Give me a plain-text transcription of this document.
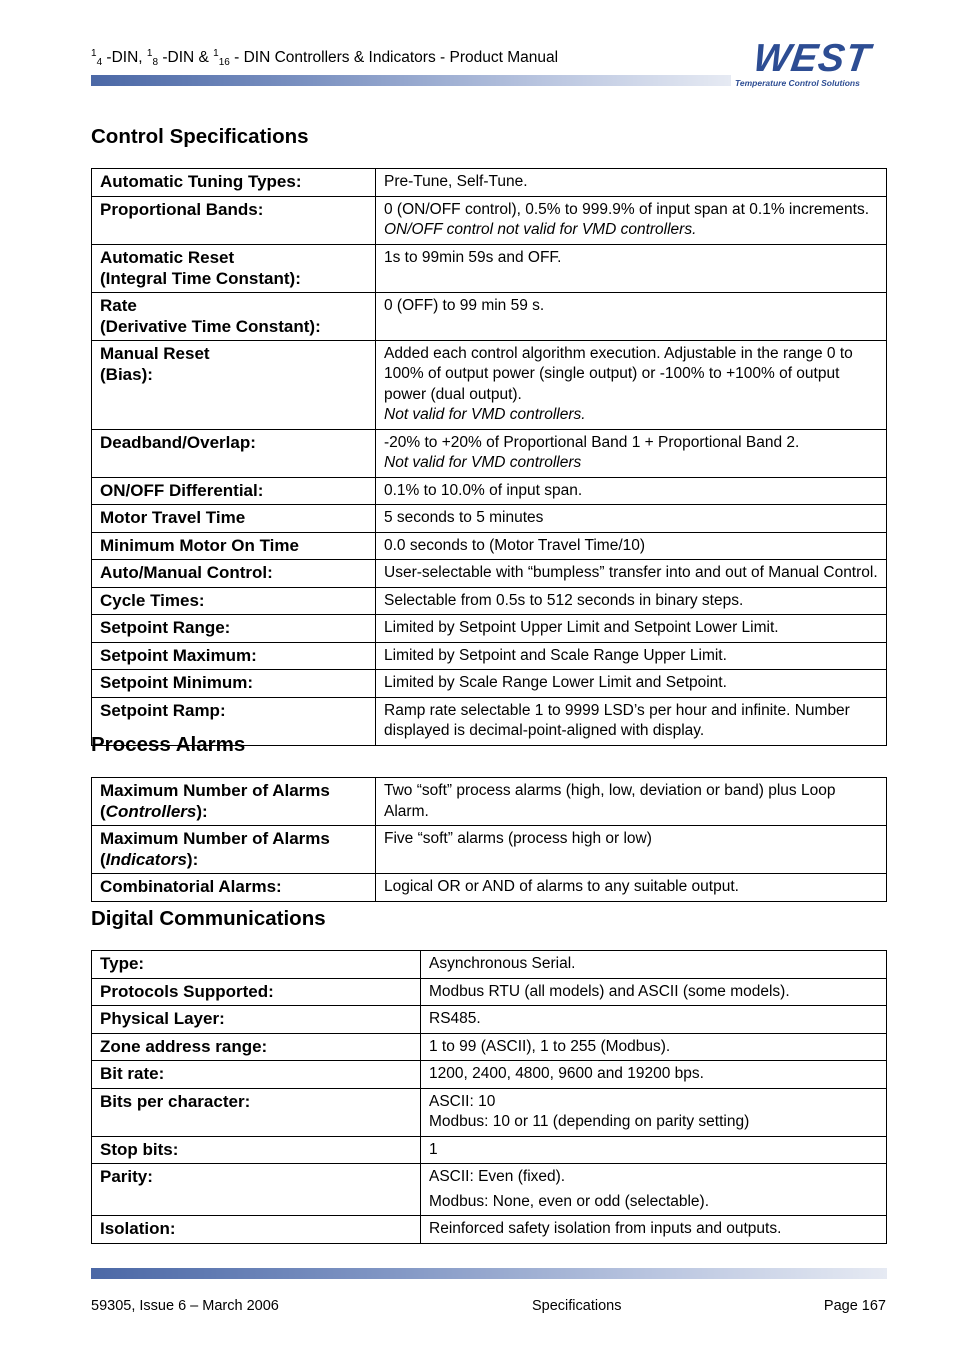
$^1_4$ -DIN, $^1_8$ -DIN & $^1_{16}$ - DIN Controllers & Indicators - Product Manual	WEST
Temperature Control Solutions
Control Specifications
Automatic Tuning Types:	Pre-Tune, Self-Tune.

Proportional Bands:	0 (ON/OFF control), 0.5% to 999.9% of input span at 0.1% increments. ON/OFF control not valid for VMD controllers.

Automatic Reset
(Integral Time Constant):	1s to 99min 59s and OFF.

Rate
(Derivative Time Constant):	0 (OFF) to 99 min 59 s.

Manual Reset
(Bias):	Added each control algorithm execution. Adjustable in the range 0 to 100% of output power (single output) or -100% to +100% of output power (dual output).
Not valid for VMD controllers.

Deadband/Overlap:	-20% to +20% of Proportional Band 1 + Proportional Band 2.
Not valid for VMD controllers

ON/OFF Differential:	0.1% to 10.0% of input span.

Motor Travel Time	5 seconds to 5 minutes

Minimum Motor On Time	0.0 seconds to (Motor Travel Time/10)

Auto/Manual Control:	User-selectable with “bumpless” transfer into and out of Manual Control.

Cycle Times:	Selectable from 0.5s to 512 seconds in binary steps.

Setpoint Range:	Limited by Setpoint Upper Limit and Setpoint Lower Limit.

Setpoint Maximum:	Limited by Setpoint and Scale Range Upper Limit.

Setpoint Minimum:	Limited by Scale Range Lower Limit and Setpoint.

Setpoint Ramp:	Ramp rate selectable 1 to 9999 LSD’s per hour and infinite. Number displayed is decimal-point-aligned with display.
Process Alarms
Maximum Number of Alarms
(Controllers):	Two “soft” process alarms (high, low, deviation or band) plus Loop Alarm.

Maximum Number of Alarms
(Indicators):	Five “soft” alarms (process high or low)

Combinatorial Alarms:	Logical OR or AND of alarms to any suitable output.
Digital Communications
Type:	Asynchronous Serial.

Protocols Supported:	Modbus RTU (all models) and ASCII (some models).

Physical Layer:	RS485.

Zone address range:	1 to 99 (ASCII), 1 to 255 (Modbus).

Bit rate:	1200, 2400, 4800, 9600 and 19200 bps.

Bits per character:	ASCII: 10
Modbus: 10 or 11 (depending on parity setting)

Stop bits:	1

Parity:	ASCII: Even (fixed).
Modbus: None, even or odd (selectable).

Isolation:	Reinforced safety isolation from inputs and outputs.
59305, Issue 6 – March 2006	Specifications	Page 167
